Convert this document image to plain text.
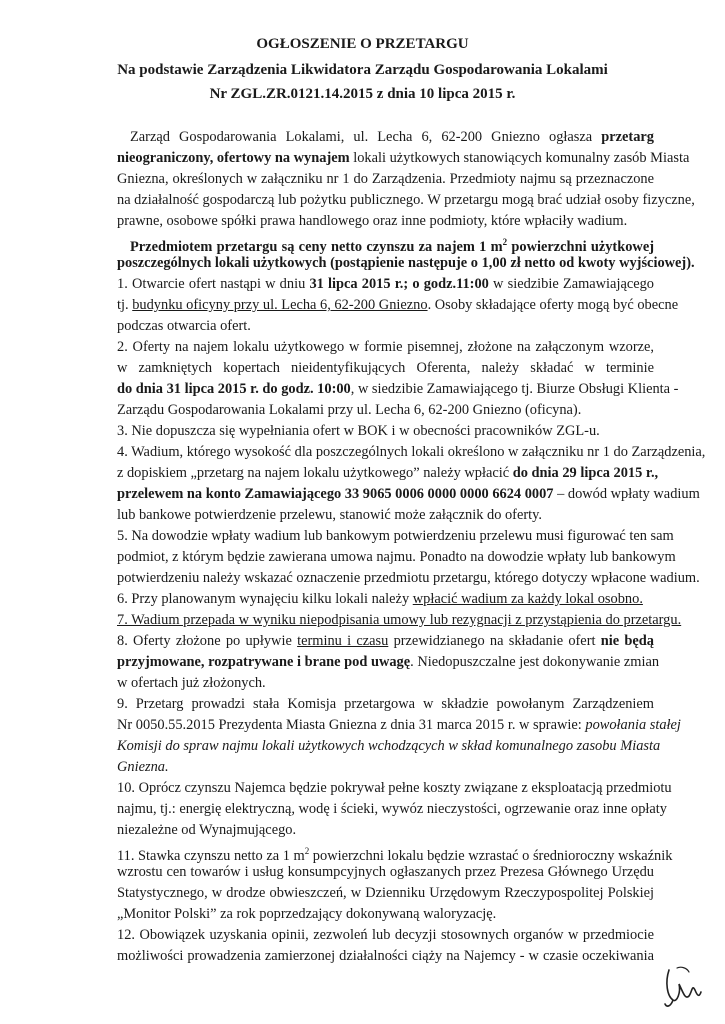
OGŁOSZENIE O PRZETARGU
Na podstawie Zarządzenia Likwidatora Zarządu Gospodarowania Lokalami
Nr ZGL.ZR.0121.14.2015 z dnia 10 lipca 2015 r.
Zarząd Gospodarowania Lokalami, ul. Lecha 6, 62-200 Gniezno ogłasza przetarg
nieograniczony, ofertowy na wynajem lokali użytkowych stanowiących komunalny zasób Miasta
Gniezna, określonych w załączniku nr 1 do Zarządzenia. Przedmioty najmu są przeznaczone
na działalność gospodarczą lub pożytku publicznego. W przetargu mogą brać udział osoby fizyczne,
prawne, osobowe spółki prawa handlowego oraz inne podmioty, które wpłaciły wadium.
Przedmiotem przetargu są ceny netto czynszu za najem 1 $m^2$ powierzchni użytkowej
poszczególnych lokali użytkowych (postąpienie następuje o 1,00 zł netto od kwoty wyjściowej).
1. Otwarcie ofert nastąpi w dniu 31 lipca 2015 r.; o godz.11:00 w siedzibie Zamawiającego
tj. budynku oficyny przy ul. Lecha 6, 62-200 Gniezno. Osoby składające oferty mogą być obecne
podczas otwarcia ofert.
2. Oferty na najem lokalu użytkowego w formie pisemnej, złożone na załączonym wzorze,
w zamkniętych kopertach nieidentyfikujących Oferenta, należy składać w terminie
do dnia 31 lipca 2015 r. do godz. 10:00, w siedzibie Zamawiającego tj. Biurze Obsługi Klienta -
Zarządu Gospodarowania Lokalami przy ul. Lecha 6, 62-200 Gniezno (oficyna).
3. Nie dopuszcza się wypełniania ofert w BOK i w obecności pracowników ZGL-u.
4. Wadium, którego wysokość dla poszczególnych lokali określono w załączniku nr 1 do Zarządzenia,
z dopiskiem „przetarg na najem lokalu użytkowego” należy wpłacić do dnia 29 lipca 2015 r.,
przelewem na konto Zamawiającego 33 9065 0006 0000 0000 6624 0007 – dowód wpłaty wadium
lub bankowe potwierdzenie przelewu, stanowić może załącznik do oferty.
5. Na dowodzie wpłaty wadium lub bankowym potwierdzeniu przelewu musi figurować ten sam
podmiot, z którym będzie zawierana umowa najmu. Ponadto na dowodzie wpłaty lub bankowym
potwierdzeniu należy wskazać oznaczenie przedmiotu przetargu, którego dotyczy wpłacone wadium.
6. Przy planowanym wynajęciu kilku lokali należy wpłacić wadium za każdy lokal osobno.
7. Wadium przepada w wyniku niepodpisania umowy lub rezygnacji z przystąpienia do przetargu.
8. Oferty złożone po upływie terminu i czasu przewidzianego na składanie ofert nie będą
przyjmowane, rozpatrywane i brane pod uwagę. Niedopuszczalne jest dokonywanie zmian
w ofertach już złożonych.
9. Przetarg prowadzi stała Komisja przetargowa w składzie powołanym Zarządzeniem
Nr 0050.55.2015 Prezydenta Miasta Gniezna z dnia 31 marca 2015 r. w sprawie: powołania stałej
Komisji do spraw najmu lokali użytkowych wchodzących w skład komunalnego zasobu Miasta
Gniezna.
10. Oprócz czynszu Najemca będzie pokrywał pełne koszty związane z eksploatacją przedmiotu
najmu, tj.: energię elektryczną, wodę i ścieki, wywóz nieczystości, ogrzewanie oraz inne opłaty
niezależne od Wynajmującego.
11. Stawka czynszu netto za 1 $m^2$ powierzchni lokalu będzie wzrastać o średnioroczny wskaźnik
wzrostu cen towarów i usług konsumpcyjnych ogłaszanych przez Prezesa Głównego Urzędu
Statystycznego, w drodze obwieszczeń, w Dzienniku Urzędowym Rzeczypospolitej Polskiej
„Monitor Polski” za rok poprzedzający dokonywaną waloryzację.
12. Obowiązek uzyskania opinii, zezwoleń lub decyzji stosownych organów w przedmiocie
możliwości prowadzenia zamierzonej działalności ciąży na Najemcy - w czasie oczekiwania
